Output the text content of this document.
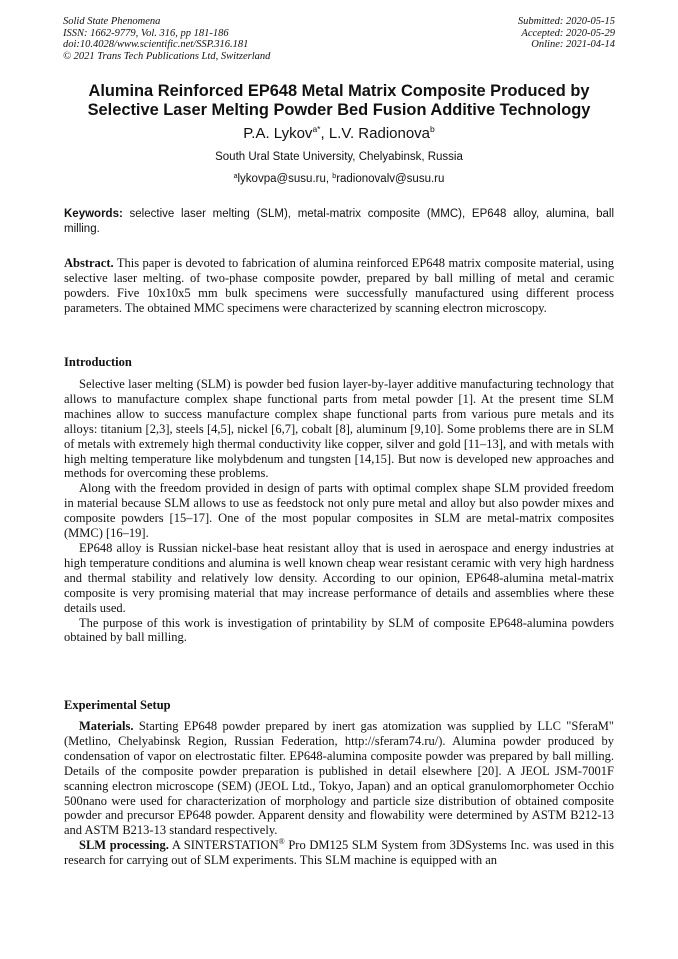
Solid State Phenomena
ISSN: 1662-9779, Vol. 316, pp 181-186
doi:10.4028/www.scientific.net/SSP.316.181
© 2021 Trans Tech Publications Ltd, Switzerland
Submitted: 2020-05-15
Accepted: 2020-05-29
Online: 2021-04-14
Alumina Reinforced EP648 Metal Matrix Composite Produced by
Selective Laser Melting Powder Bed Fusion Additive Technology
P.A. Lykov$^{a*}$, L.V. Radionova$^b$
South Ural State University, Chelyabinsk, Russia
$^a$lykovpa@susu.ru, $^b$radionovalv@susu.ru

Keywords: selective laser melting (SLM), metal-matrix composite (MMC), EP648 alloy, alumina, ball milling.

Abstract. This paper is devoted to fabrication of alumina reinforced EP648 matrix composite material, using selective laser melting. of two-phase composite powder, prepared by ball milling of metal and ceramic powders. Five 10x10x5 mm bulk specimens were successfully manufactured using different process parameters. The obtained MMC specimens were characterized by scanning electron microscopy.

Introduction

Selective laser melting (SLM) is powder bed fusion layer-by-layer additive manufacturing technology that allows to manufacture complex shape functional parts from metal powder [1]. At the present time SLM machines allow to success manufacture complex shape functional parts from various pure metals and its alloys: titanium [2,3], steels [4,5], nickel [6,7], cobalt [8], aluminum [9,10]. Some problems there are in SLM of metals with extremely high thermal conductivity like copper, silver and gold [11–13], and with metals with high melting temperature like molybdenum and tungsten [14,15]. But now is developed new approaches and methods for overcoming these problems.

Along with the freedom provided in design of parts with optimal complex shape SLM provided freedom in material because SLM allows to use as feedstock not only pure metal and alloy but also powder mixes and composite powders [15–17]. One of the most popular composites in SLM are metal-matrix composites (MMC) [16–19].

EP648 alloy is Russian nickel-base heat resistant alloy that is used in aerospace and energy industries at high temperature conditions and alumina is well known cheap wear resistant ceramic with very high hardness and thermal stability and relatively low density. According to our opinion, EP648-alumina metal-matrix composite is very promising material that may increase performance of details and assemblies where these details used.

The purpose of this work is investigation of printability by SLM of composite EP648-alumina powders obtained by ball milling.

Experimental Setup

Materials. Starting EP648 powder prepared by inert gas atomization was supplied by LLC "SferaM" (Metlino, Chelyabinsk Region, Russian Federation, http://sferam74.ru/). Alumina powder produced by condensation of vapor on electrostatic filter. EP648-alumina composite powder was prepared by ball milling. Details of the composite powder preparation is published in detail elsewhere [20]. A JEOL JSM-7001F scanning electron microscope (SEM) (JEOL Ltd., Tokyo, Japan) and an optical granulomorphometer Occhio 500nano were used for characterization of morphology and particle size distribution of obtained composite powder and precursor EP648 powder. Apparent density and flowability were determined by ASTM B212-13 and ASTM B213-13 standard respectively.

SLM processing. A SINTERSTATION® Pro DM125 SLM System from 3DSystems Inc. was used in this research for carrying out of SLM experiments. This SLM machine is equipped with an
